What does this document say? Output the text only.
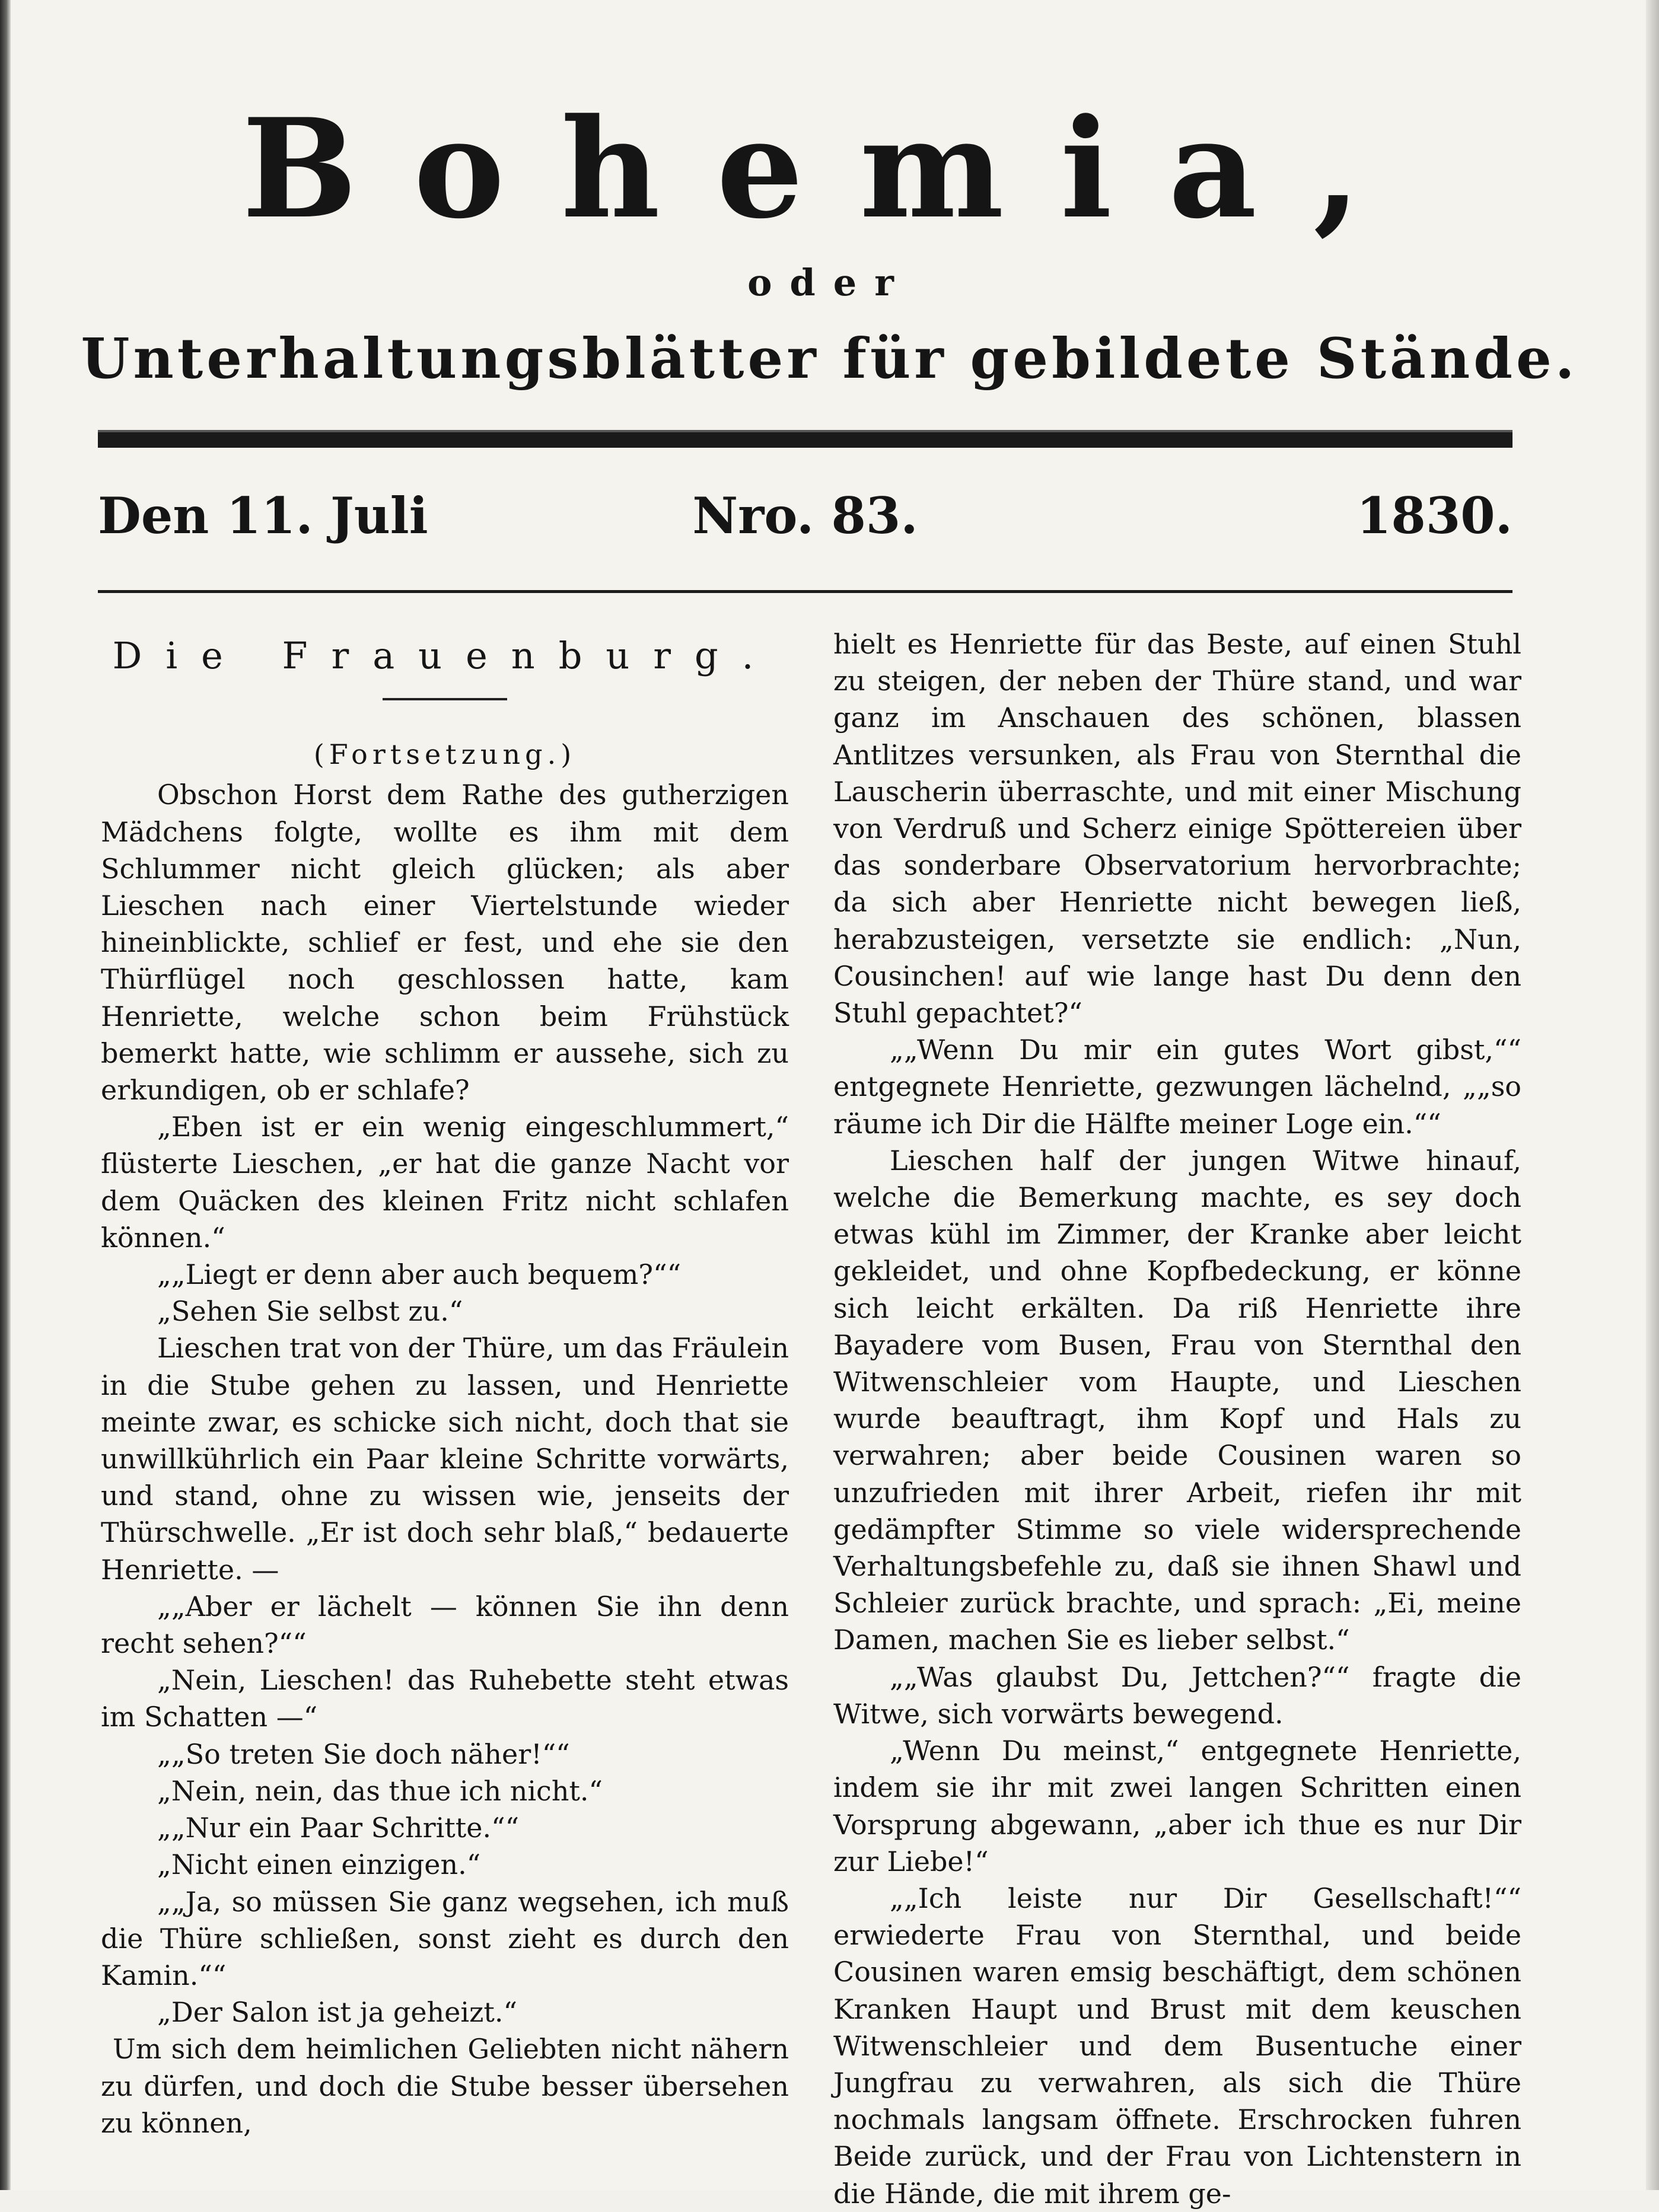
Bohemia,
oder
Unterhaltungsblätter für gebildete Stände.
Nro. 83.
Den 11. Juli	1830.
Die Frauenburg.
(Fortsetzung.)

Obschon Horst dem Rathe des gutherzigen Mädchens folgte, wollte es ihm mit dem Schlummer nicht gleich glücken; als aber Lieschen nach einer Viertelstunde wieder hineinblickte, schlief er fest, und ehe sie den Thürflügel noch geschlossen hatte, kam Henriette, welche schon beim Frühstück bemerkt hatte, wie schlimm er aussehe, sich zu erkundigen, ob er schlafe?

„Eben ist er ein wenig eingeschlummert,“ flüsterte Lieschen, „er hat die ganze Nacht vor dem Quäcken des kleinen Fritz nicht schlafen können.“

„„Liegt er denn aber auch bequem?““

„Sehen Sie selbst zu.“

Lieschen trat von der Thüre, um das Fräulein in die Stube gehen zu lassen, und Henriette meinte zwar, es schicke sich nicht, doch that sie unwillkührlich ein Paar kleine Schritte vorwärts, und stand, ohne zu wissen wie, jenseits der Thürschwelle. „Er ist doch sehr blaß,“ bedauerte Henriette. —

„„Aber er lächelt — können Sie ihn denn recht sehen?““

„Nein, Lieschen! das Ruhebette steht etwas im Schatten —“

„„So treten Sie doch näher!““

„Nein, nein, das thue ich nicht.“

„„Nur ein Paar Schritte.““

„Nicht einen einzigen.“

„„Ja, so müssen Sie ganz wegsehen, ich muß die Thüre schließen, sonst zieht es durch den Kamin.““

„Der Salon ist ja geheizt.“

Um sich dem heimlichen Geliebten nicht nähern zu dürfen, und doch die Stube besser übersehen zu können,

hielt es Henriette für das Beste, auf einen Stuhl zu steigen, der neben der Thüre stand, und war ganz im Anschauen des schönen, blassen Antlitzes versunken, als Frau von Sternthal die Lauscherin überraschte, und mit einer Mischung von Verdruß und Scherz einige Spöttereien über das sonderbare Observatorium hervorbrachte; da sich aber Henriette nicht bewegen ließ, herabzusteigen, versetzte sie endlich: „Nun, Cousinchen! auf wie lange hast Du denn den Stuhl gepachtet?“

„„Wenn Du mir ein gutes Wort gibst,““ entgegnete Henriette, gezwungen lächelnd, „„so räume ich Dir die Hälfte meiner Loge ein.““

Lieschen half der jungen Witwe hinauf, welche die Bemerkung machte, es sey doch etwas kühl im Zimmer, der Kranke aber leicht gekleidet, und ohne Kopfbedeckung, er könne sich leicht erkälten. Da riß Henriette ihre Bayadere vom Busen, Frau von Sternthal den Witwenschleier vom Haupte, und Lieschen wurde beauftragt, ihm Kopf und Hals zu verwahren; aber beide Cousinen waren so unzufrieden mit ihrer Arbeit, riefen ihr mit gedämpfter Stimme so viele widersprechende Verhaltungsbefehle zu, daß sie ihnen Shawl und Schleier zurück brachte, und sprach: „Ei, meine Damen, machen Sie es lieber selbst.“

„„Was glaubst Du, Jettchen?““ fragte die Witwe, sich vorwärts bewegend.

„Wenn Du meinst,“ entgegnete Henriette, indem sie ihr mit zwei langen Schritten einen Vorsprung abgewann, „aber ich thue es nur Dir zur Liebe!“

„„Ich leiste nur Dir Gesellschaft!““ erwiederte Frau von Sternthal, und beide Cousinen waren emsig beschäftigt, dem schönen Kranken Haupt und Brust mit dem keuschen Witwenschleier und dem Busentuche einer Jungfrau zu verwahren, als sich die Thüre nochmals langsam öffnete. Erschrocken fuhren Beide zurück, und der Frau von Lichtenstern in die Hände, die mit ihrem ge-
